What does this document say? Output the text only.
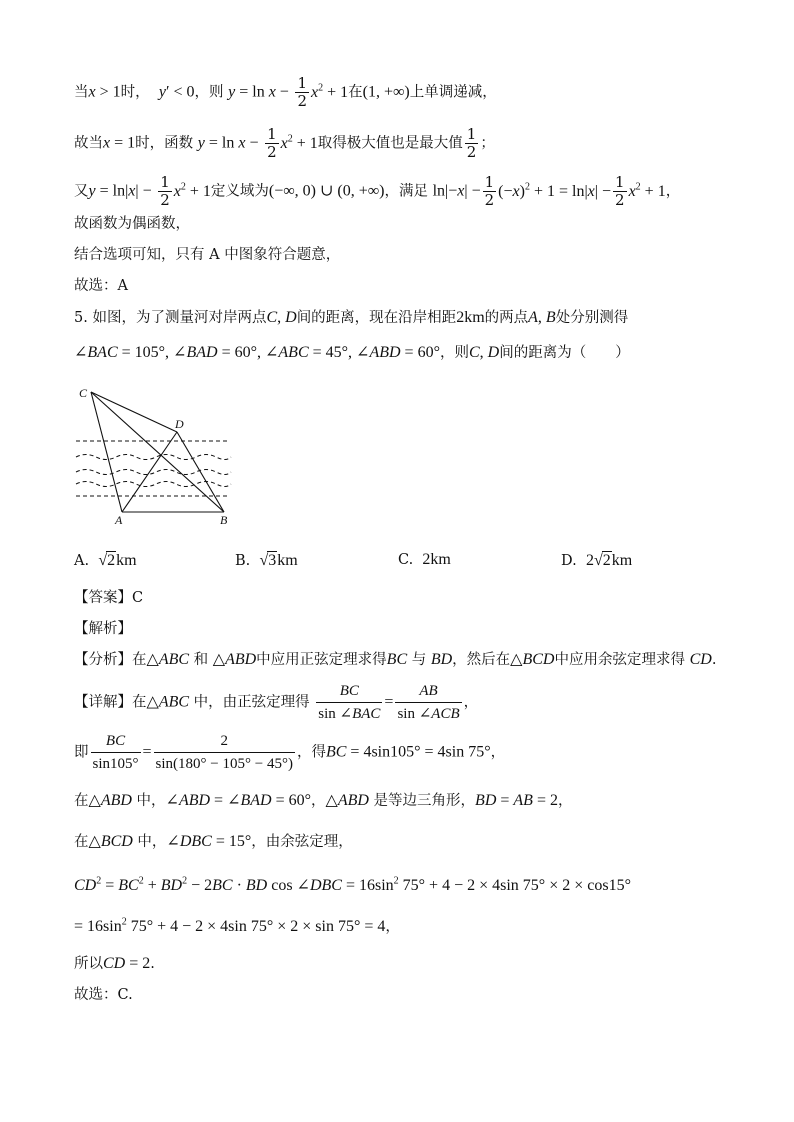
当x > 1时， y′ < 0，则 $y = \ln x - \frac{1}{2} x^2 + 1$在(1, +∞)上单调递减，
故当x = 1时，函数 $y = \ln x - \frac{1}{2} x^2 + 1$取得极大值也是最大值 $\frac{1}{2}$ ；
又$y = \ln|x| - \frac{1}{2} x^2 + 1$定义域为(−∞, 0) ∪ (0, +∞)，满足 $\ln|-x| - \frac{1}{2} (-x)^2 + 1 = \ln|x| - \frac{1}{2} x^2 + 1$，
故函数为偶函数，
结合选项可知，只有 A 中图象符合题意，
故选：A
5. 如图，为了测量河对岸两点C, D间的距离，现在沿岸相距2km的两点A, B处分别测得
∠BAC = 105°, ∠BAD = 60°, ∠ABC = 45°, ∠ABD = 60°，则C, D间的距离为（　　）
C
D
A	B
A. √2km	B. √3km	C. 2km	D. 2√2km
【答案】C
【解析】
【分析】在△ABC 和 △ABD中应用正弦定理求得BC 与 BD，然后在△BCD中应用余弦定理求得 CD.
【详解】在△ABC 中，由正弦定理得 $\frac{BC}{\text{sin ∠BAC}} = \frac{AB}{\text{sin ∠ACB}}$ ，
即 $\frac{BC}{\sin 105^\circ} = \frac{2}{\sin(180^\circ - 105^\circ - 45^\circ)}$ ，得BC = 4sin105° = 4sin 75°，
在△ABD 中，∠ABD = ∠BAD = 60°，△ABD 是等边三角形，BD = AB = 2，
在△BCD 中，∠DBC = 15°，由余弦定理，
$CD^2 = BC^2 + BD^2 - 2BC$ · BD cos ∠DBC = $16\sin^2$ 75° + 4 − 2 × 4sin 75° × 2 × cos15°
= $16\sin^2$ 75° + 4 − 2 × 4sin 75° × 2 × sin 75° = 4，
所以CD = 2.
故选：C.
